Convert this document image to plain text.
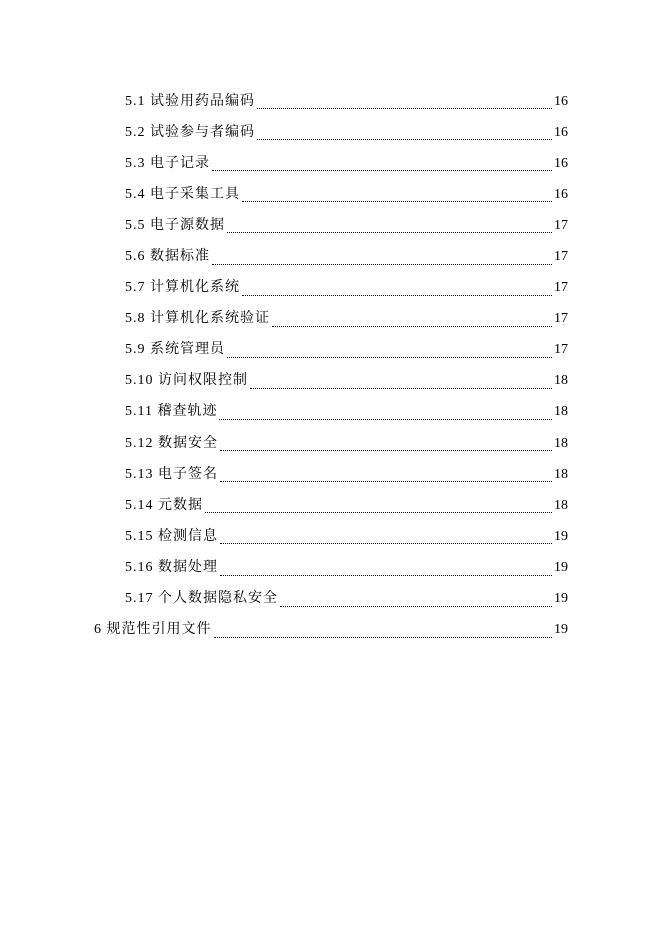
5.1 试验用药品编码	16
5.2 试验参与者编码	16
5.3 电子记录	16
5.4 电子采集工具	16
5.5 电子源数据	17
5.6 数据标准	17
5.7 计算机化系统	17
5.8 计算机化系统验证	17
5.9 系统管理员	17
5.10 访问权限控制	18
5.11 稽查轨迹	18
5.12 数据安全	18
5.13 电子签名	18
5.14 元数据	18
5.15 检测信息	19
5.16 数据处理	19
5.17 个人数据隐私安全	19
6 规范性引用文件	19
